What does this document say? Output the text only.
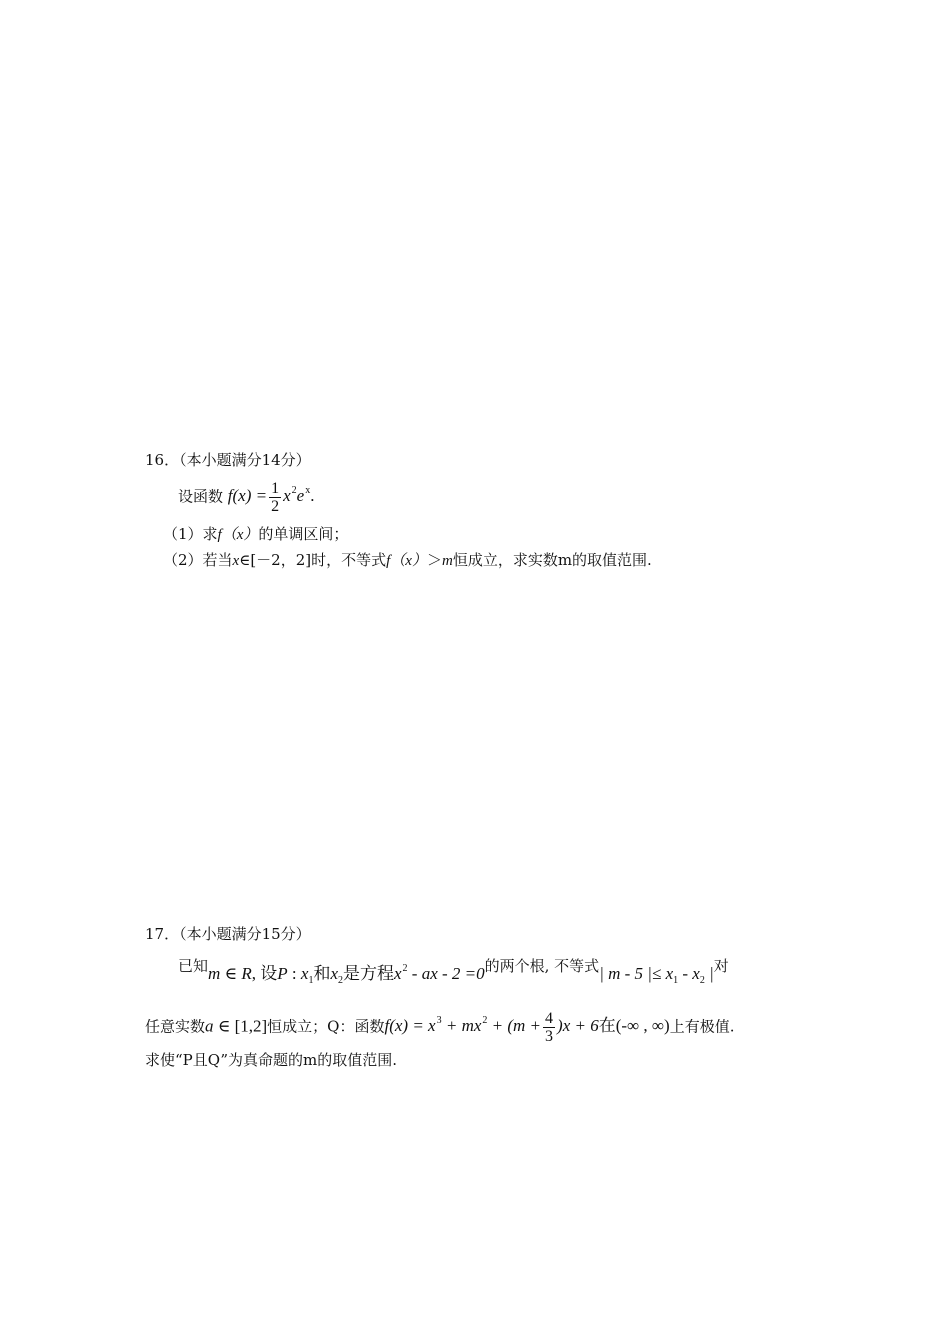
16．（本小题满分14分）
设函数 $f(x) = \frac{1}{2} x^2e^x$.
（1）求f（x）的单调区间；
（2）若当x∈[－2，2]时，不等式f（x）＞m恒成立，求实数m的取值范围.
17．（本小题满分15分）
已知m ∈ R, 设P : $x_1$和$x_2$是方程$x^2$ - ax - 2 =0的两个根, 不等式| m - 5 |≤ $x_1 - x_2$ |对
任意实数a ∈ [1,2]恒成立；Q：函数$f(x) = x^3 + mx^2 + (m + \frac{4}{3} )x + 6$在(-∞ , ∞)上有极值.
求使“P且Q”为真命题的m的取值范围.
